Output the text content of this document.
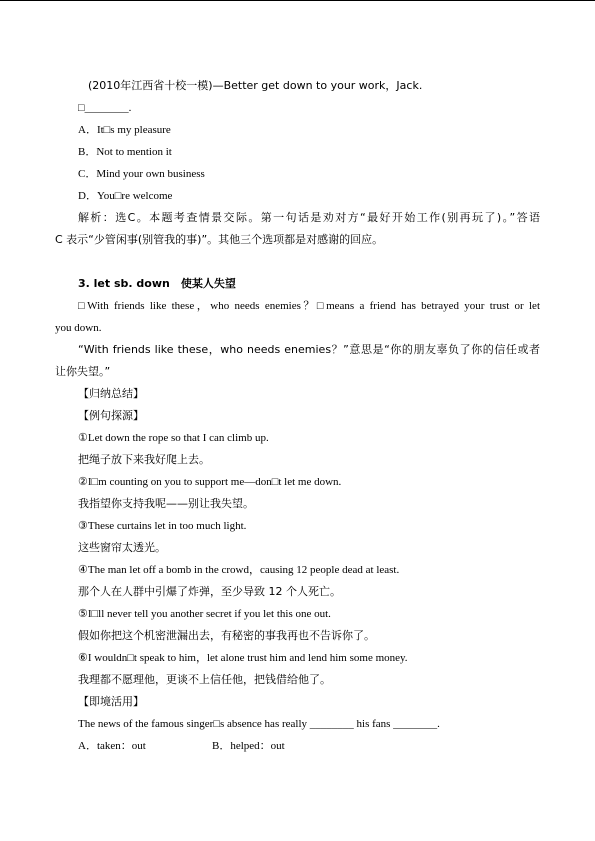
(2010年江西省十校一模)—Better get down to your work，Jack.
□________.
A．It□s my pleasure
B．Not to mention it
C．Mind your own business
D．You□re welcome
解析：选C。本题考查情景交际。第一句话是劝对方“最好开始工作(别再玩了)。”答语
C 表示“少管闲事(别管我的事)”。其他三个选项都是对感谢的回应。
3. let sb. down　使某人失望
□With friends like these，who needs enemies？□means a friend has betrayed your trust or let
you down.
“With friends like these，who needs enemies？”意思是“你的朋友辜负了你的信任或者
让你失望。”
【归纳总结】
【例句探源】
①Let down the rope so that I can climb up.
把绳子放下来我好爬上去。
②I□m counting on you to support me—don□t let me down.
我指望你支持我呢——别让我失望。
③These curtains let in too much light.
这些窗帘太透光。
④The man let off a bomb in the crowd，causing 12 people dead at least.
那个人在人群中引爆了炸弹，至少导致 12 个人死亡。
⑤I□ll never tell you another secret if you let this one out.
假如你把这个机密泄漏出去，有秘密的事我再也不告诉你了。
⑥I wouldn□t speak to him，let alone trust him and lend him some money.
我理都不愿理他，更谈不上信任他，把钱借给他了。
【即境活用】
The news of the famous singer□s absence has really ________ his fans ________.
A．taken：out	B．helped：out
